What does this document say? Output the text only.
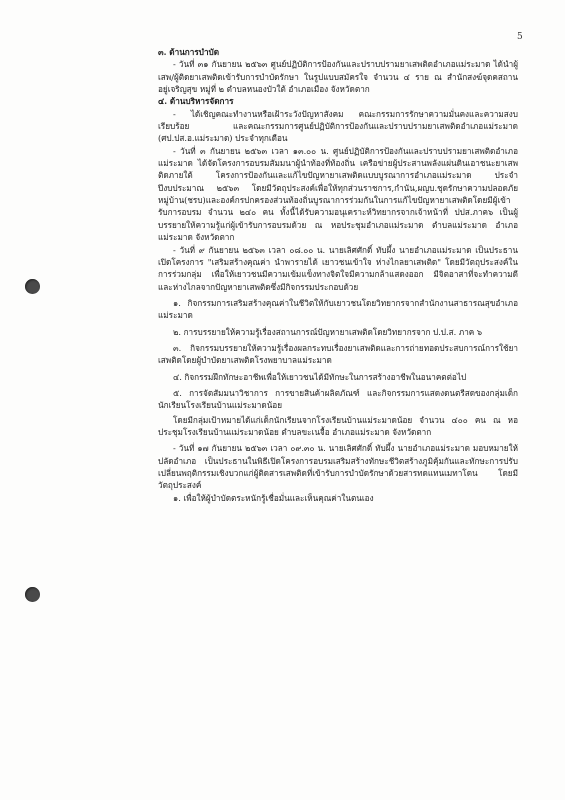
5

๓. ด้านการบำบัด

- วันที่ ๓๑ กันยายน ๒๕๖๓ ศูนย์ปฏิบัติการป้องกันและปราบปรามยาเสพติดอำเภอแม่ระมาด ได้นำผู้เสพ/ผู้ติดยาเสพติดเข้ารับการบำบัดรักษา ในรูปแบบสมัครใจ จำนวน ๔ ราย ณ สำนักสงฆ์จุดคสถานอยู่เจริญสุข หมู่ที่ ๒ ตำบลหนองบัวใต้ อำเภอเมือง จังหวัดตาก

๔. ด้านบริหารจัดการ

- ได้เชิญคณะทำงานหรือเฝ้าระวังปัญหาสังคม คณะกรรมการรักษาความมั่นคงและความสงบเรียบร้อย และคณะกรรมการศูนย์ปฏิบัติการป้องกันและปราบปรามยาเสพติดอำเภอแม่ระมาด (ศป.ปส.อ.แม่ระมาด) ประจำทุกเดือน

- วันที่ ๓ กันยายน ๒๕๖๓ เวลา ๑๓.๐๐ น. ศูนย์ปฏิบัติการป้องกันและปราบปรามยาเสพติดอำเภอแม่ระมาด ได้จัดโครงการอบรมสัมมนาผู้นำท้องที่ท้องถิ่น เครือข่ายผู้ประสานพลังแผ่นดินเอาชนะยาเสพติดภายใต้ โครงการป้องกันและแก้ไขปัญหายาเสพติดแบบบูรณาการอำเภอแม่ระมาด ประจำปีงบประมาณ ๒๕๖๓ โดยมีวัตถุประสงค์เพื่อให้ทุกส่วนราชการ,กำนัน,ผญบ.ชุดรักษาความปลอดภัยหมู่บ้าน(ชรบ)และองค์กรปกครองส่วนท้องถิ่นบูรณาการร่วมกันในการแก้ไขปัญหายาเสพติดโดยมีผู้เข้ารับการอบรม จำนวน ๒๔๐ คน ทั้งนี้ได้รับความอนุเคราะห์วิทยากรจากเจ้าหน้าที่ ปปส.ภาค๖ เป็นผู้บรรยายให้ความรู้แก่ผู้เข้ารับการอบรมด้วย ณ หอประชุมอำเภอแม่ระมาด ตำบลแม่ระมาด อำเภอแม่ระมาด จังหวัดตาก

- วันที่ ๙ กันยายน ๒๕๖๓ เวลา ๐๘.๐๐ น. นายเลิศศักดิ์ ทับผึ้ง นายอำเภอแม่ระมาด เป็นประธานเปิดโครงการ "เสริมสร้างคุณค่า นำพารายได้ เยาวชนเข้าใจ ห่างไกลยาเสพติด" โดยมีวัตถุประสงค์ในการร่วมกลุ่ม เพื่อให้เยาวชนมีความเข้มแข็งทางจิตใจมีความกล้าแสดงออก มีจิตอาสาที่จะทำความดี และห่างไกลจากปัญหายาเสพติดซึ่งมีกิจกรรมประกอบด้วย

๑. กิจกรรมการเสริมสร้างคุณค่าในชีวิตให้กับเยาวชนโดยวิทยากรจากสำนักงานสาธารณสุขอำเภอแม่ระมาด

๒. การบรรยายให้ความรู้เรื่องสถานการณ์ปัญหายาเสพติดโดยวิทยากรจาก ป.ป.ส. ภาค ๖

๓. กิจกรรมบรรยายให้ความรู้เรื่องผลกระทบเรื่องยาเสพติดและการถ่ายทอดประสบการณ์การใช้ยาเสพติดโดยผู้บำบัดยาเสพติดโรงพยาบาลแม่ระมาด

๔. กิจกรรมฝึกทักษะอาชีพเพื่อให้เยาวชนได้มีทักษะในการสร้างอาชีพในอนาคตต่อไป

๕. การจัดสัมมนาวิชาการ การขายสินค้าผลิตภัณฑ์ และกิจกรรมการแสดงดนตรีสดของกลุ่มเด็กนักเรียนโรงเรียนบ้านแม่ระมาดน้อย

โดยมีกลุ่มเป้าหมายได้แก่เด็กนักเรียนจากโรงเรียนบ้านแม่ระมาดน้อย จำนวน ๔๐๐ คน ณ หอประชุมโรงเรียนบ้านแม่ระมาดน้อย ตำบลขะเนจื้อ อำเภอแม่ระมาด จังหวัดตาก

- วันที่ ๑๗ กันยายน ๒๕๖๓ เวลา ๐๙.๓๐ น. นายเลิศศักดิ์ ทับผึ้ง นายอำเภอแม่ระมาด มอบหมายให้ปลัดอำเภอ เป็นประธานในพิธีเปิดโครงการอบรมเสริมสร้างทักษะชีวิตสร้างภูมิคุ้มกันและทักษะการปรับเปลี่ยนพฤติกรรมเชิงบวกแก่ผู้ติดสารเสพติดที่เข้ารับการบำบัดรักษาด้วยสารทดแทนเมทาโดน โดยมีวัตถุประสงค์

๑. เพื่อให้ผู้บำบัดตระหนักรู้เชื่อมั่นและเห็นคุณค่าในตนเอง
